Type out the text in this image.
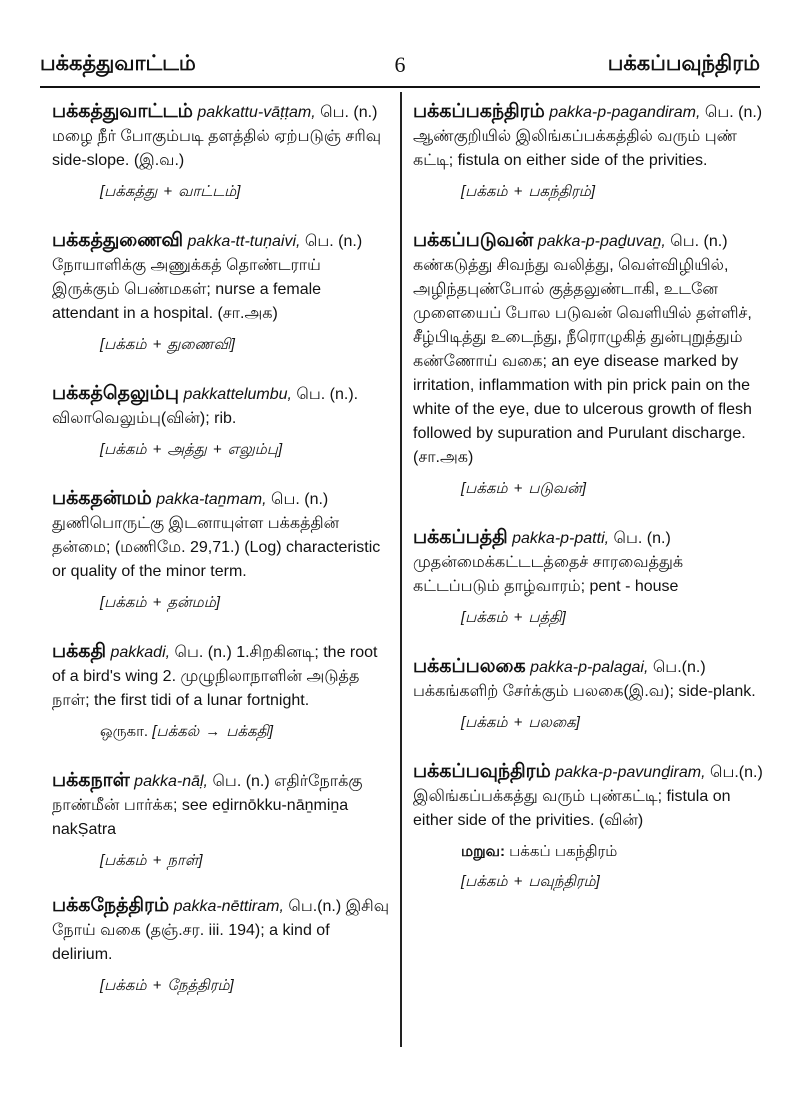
பக்கத்துவாட்டம்	6	பக்கப்பவுந்திரம்
பக்கத்துவாட்டம் pakkattu-vāṭṭam, பெ. (n.) மழை நீர் போகும்படி தளத்தில் ஏற்படுஞ் சரிவு side-slope. (இ.வ.)
[பக்கத்து + வாட்டம்]
பக்கத்துணைவி pakka-tt-tuṇaivi, பெ. (n.) நோயாளிக்கு அணுக்கத் தொண்டராய் இருக்கும் பெண்மகள்; nurse a female attendant in a hospital. (சா.அக)
[பக்கம் + துணைவி]
பக்கத்தெலும்பு pakkattelumbu, பெ. (n.). விலாவெலும்பு(வின்); rib.
[பக்கம் + அத்து + எலும்பு]
பக்கதன்மம் pakka-taṉmam, பெ. (n.) துணிபொருட்கு இடனாயுள்ள பக்கத்தின் தன்மை; (மணிமே. 29,71.) (Log) characteristic or quality of the minor term.
[பக்கம் + தன்மம்]
பக்கதி pakkadi, பெ. (n.) 1.சிறகினடி; the root of a bird's wing 2. முழுநிலாநாளின் அடுத்த நாள்; the first tidi of a lunar fortnight.
ஒருகா. [பக்கல் → பக்கதி]
பக்கநாள் pakka-nāḷ, பெ. (n.) எதிர்நோக்கு நாண்மீன் பார்க்க; see eḏirnōkku-nāṉmiṉa nakṢatra
[பக்கம் + நாள்]
பக்கநேத்திரம் pakka-nēttiram, பெ.(n.) இசிவு நோய் வகை (தஞ்.சர. iii. 194); a kind of delirium.
[பக்கம் + நேத்திரம்]
பக்கப்பகந்திரம் pakka-p-pagandiram, பெ. (n.) ஆண்குறியில் இலிங்கப்பக்கத்தில் வரும் புண் கட்டி; fistula on either side of the privities.
[பக்கம் + பகந்திரம்]
பக்கப்படுவன் pakka-p-paḏuvaṉ, பெ. (n.) கண்கடுத்து சிவந்து வலித்து, வெள்விழியில், அழிந்தபுண்போல் குத்தலுண்டாகி, உடனே முளையைப் போல படுவன் வெளியில் தள்ளிச், சீழ்பிடித்து உடைந்து, நீரொழுகித் துன்புறுத்தும் கண்ணோய் வகை; an eye disease marked by irritation, inflammation with pin prick pain on the white of the eye, due to ulcerous growth of flesh followed by supuration and Purulant discharge. (சா.அக)
[பக்கம் + படுவன்]
பக்கப்பத்தி pakka-p-patti, பெ. (n.) முதன்மைக்கட்டடத்தைச் சாரவைத்துக் கட்டப்படும் தாழ்வாரம்; pent - house
[பக்கம் + பத்தி]
பக்கப்பலகை pakka-p-palagai, பெ.(n.) பக்கங்களிற் சேர்க்கும் பலகை(இ.வ); side-plank.
[பக்கம் + பலகை]
பக்கப்பவுந்திரம் pakka-p-pavunḏiram, பெ.(n.) இலிங்கப்பக்கத்து வரும் புண்கட்டி; fistula on either side of the privities. (வின்)
மறுவ: பக்கப் பகந்திரம்
[பக்கம் + பவுந்திரம்]
